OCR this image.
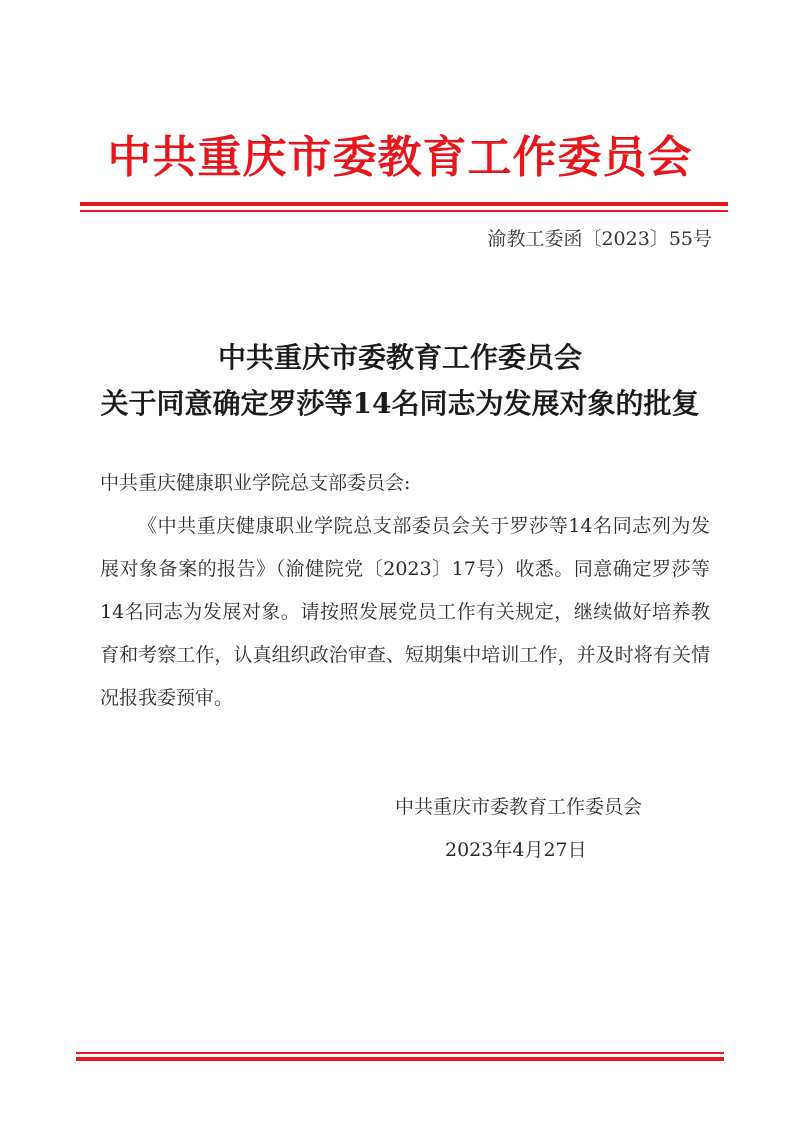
中共重庆市委教育工作委员会
渝教工委函〔2023〕55号
中共重庆市委教育工作委员会
关于同意确定罗莎等14名同志为发展对象的批复
中共重庆健康职业学院总支部委员会:
《中共重庆健康职业学院总支部委员会关于罗莎等14名同志列为发展对象备案的报告》（渝健院党〔2023〕17号）收悉。同意确定罗莎等14名同志为发展对象。请按照发展党员工作有关规定，继续做好培养教育和考察工作，认真组织政治审查、短期集中培训工作，并及时将有关情况报我委预审。
中共重庆市委教育工作委员会
2023年4月27日
